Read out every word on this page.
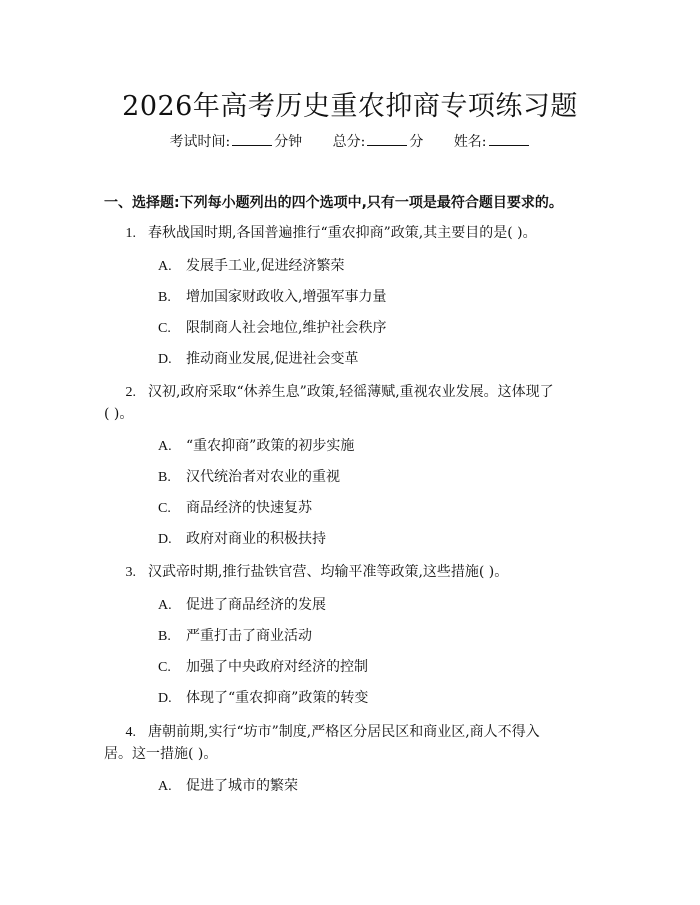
2026年高考历史重农抑商专项练习题
考试时间:	分钟 总分:	分 姓名:
一、选择题:下列每小题列出的四个选项中,只有一项是最符合题目要求的。
1. 春秋战国时期,各国普遍推行“重农抑商”政策,其主要目的是( )。
A. 发展手工业,促进经济繁荣
B. 增加国家财政收入,增强军事力量
C. 限制商人社会地位,维护社会秩序
D. 推动商业发展,促进社会变革
2. 汉初,政府采取“休养生息”政策,轻徭薄赋,重视农业发展。这体现了
( )。
A. “重农抑商”政策的初步实施
B. 汉代统治者对农业的重视
C. 商品经济的快速复苏
D. 政府对商业的积极扶持
3. 汉武帝时期,推行盐铁官营、均输平准等政策,这些措施( )。
A. 促进了商品经济的发展
B. 严重打击了商业活动
C. 加强了中央政府对经济的控制
D. 体现了“重农抑商”政策的转变
4. 唐朝前期,实行“坊市”制度,严格区分居民区和商业区,商人不得入
居。这一措施( )。
A. 促进了城市的繁荣
